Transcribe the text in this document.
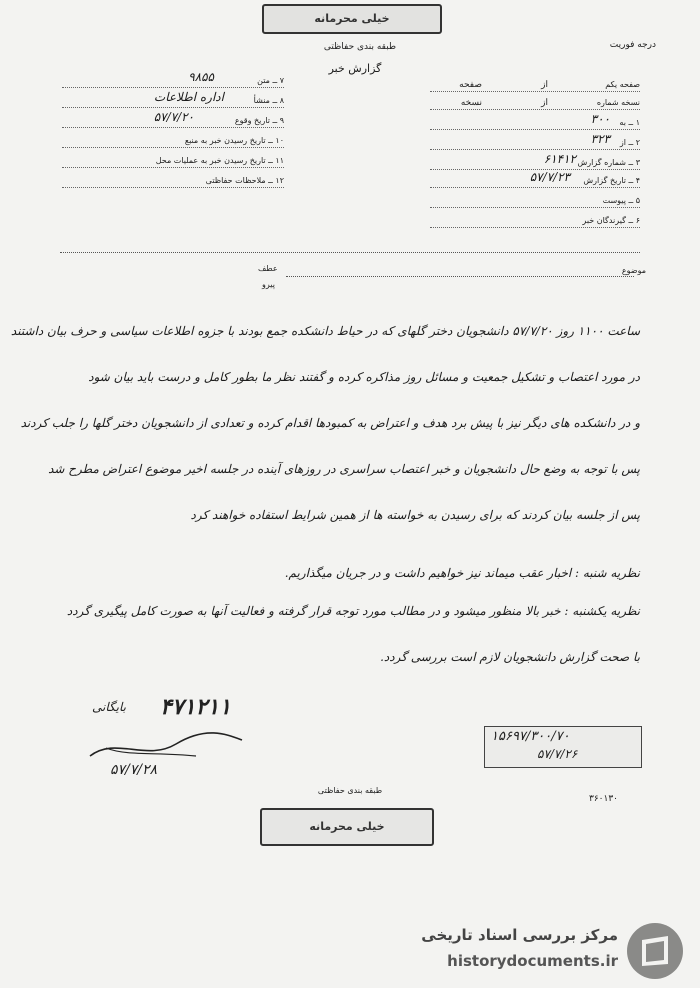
خیلی محرمانه
طبقه بندی حفاظتی	درجه فوریت
گزارش خبر
۷ ــ متن
۹۸۵۵
۸ ــ منشأ
اداره اطلاعات
۹ ــ تاریخ وقوع
۵۷/۷/۲۰
۱۰ ــ تاریخ رسیدن خبر به منبع
۱۱ ــ تاریخ رسیدن خبر به عملیات محل
۱۲ ــ ملاحظات حفاظتی
صفحه یکم
از
صفحه
نسخه شماره
از
نسخه
۱ ــ به
۳۰۰
۲ ــ از
۳۲۳
۳ ــ شماره گزارش
۶۱۴۱۲
۴ ــ تاریخ گزارش
۵۷/۷/۲۳
۵ ــ پیوست
۶ ــ گیرندگان خبر
عطف
پیرو
موضوع
ساعت ۱۱۰۰ روز ۵۷/۷/۲۰ دانشجویان دختر گلهای که در حیاط دانشکده جمع بودند با جزوه اطلاعات سیاسی و حرف بیان داشتند
در مورد اعتصاب و تشکیل جمعیت و مسائل روز مذاکره کرده و گفتند نظر ما بطور کامل و درست باید بیان شود
و در دانشکده های دیگر نیز با پیش برد هدف و اعتراض به کمبودها اقدام کرده و تعدادی از دانشجویان دختر گلها را جلب کردند
پس با توجه به وضع حال دانشجویان و خبر اعتصاب سراسری در روزهای آینده در جلسه اخیر موضوع اعتراض مطرح شد
پس از جلسه بیان کردند که برای رسیدن به خواسته ها از همین شرایط استفاده خواهند کرد
نظریه شنبه : اخبار عقب میماند نیز خواهیم داشت و در جریان میگذاریم.
نظریه یکشنبه : خبر بالا منظور میشود و در مطالب مورد توجه قرار گرفته و فعالیت آنها به صورت کامل پیگیری گردد
با صحت گزارش دانشجویان لازم است بررسی گردد.
۴۷۱۲۱۱
بایگانی
۵۷/۷/۲۸
۱۵۶۹۷/۳۰۰/۷۰
۵۷/۷/۲۶
۳۶۰۱۳۰
طبقه بندی حفاظتی
خیلی محرمانه
مرکز بررسی اسناد تاریخی
historydocuments.ir
